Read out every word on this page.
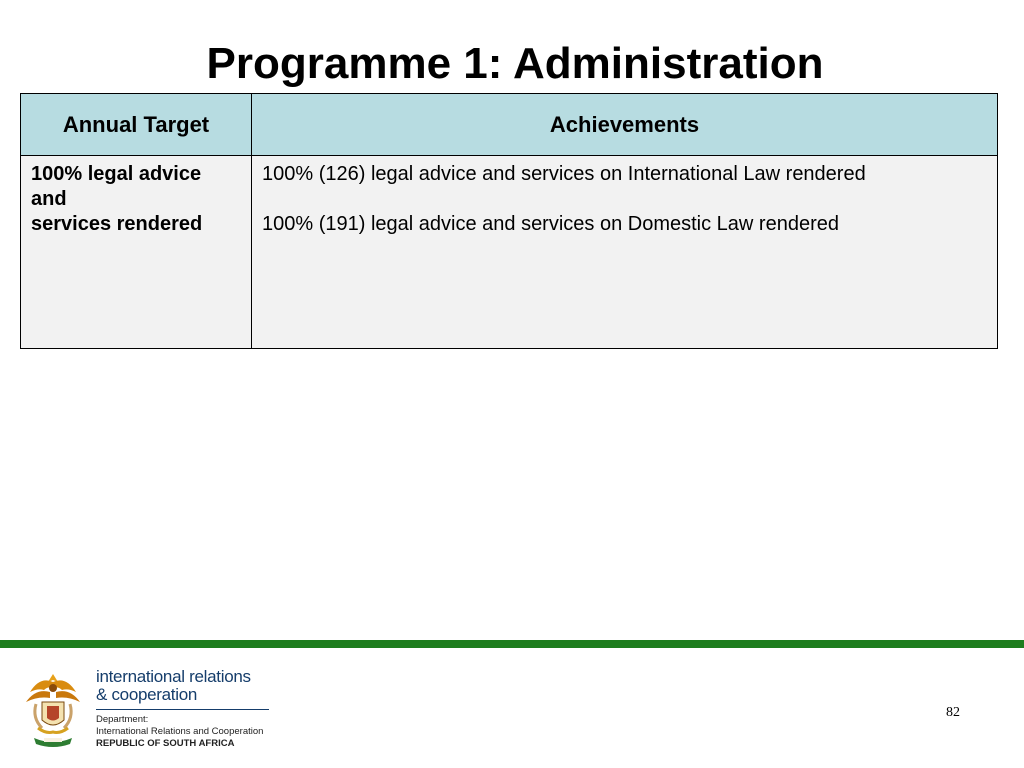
Programme 1: Administration
Annual Target	Achievements

100% legal advice
and
services rendered	100% (126) legal advice and services on International Law rendered
100% (191) legal advice and services on Domestic Law rendered
international relations
& cooperation
Department:
International Relations and Cooperation
REPUBLIC OF SOUTH AFRICA
82
